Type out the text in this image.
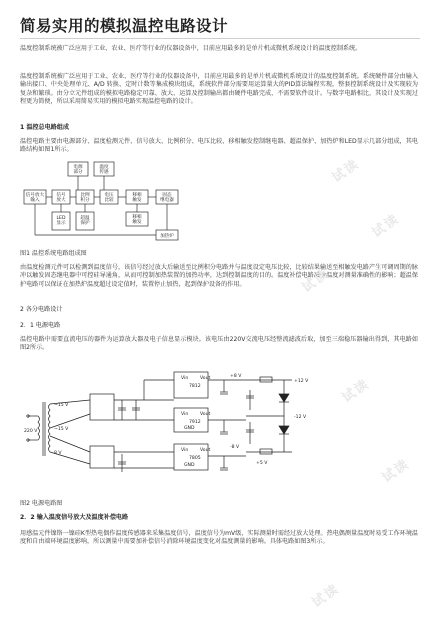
简易实用的模拟温控电路设计

温度控制系统被广泛应用于工业、农业、医疗等行业的仪器设备中，目前应用最多的是单片机或微机系统设计的温度控制系统。

温度控制系统被广泛应用于工业、农业、医疗等行业的仪器设备中，目前应用最多的是单片机或微机系统设计的温度控制系统。系统硬件部分由输入输出接口、中央处理单元、A/D 转换、定时计数等集成模块组成，系统软件部分需要用运算量大的PID算法编程实现，整套控制系统设计及实现较为复杂和繁琐。由分立元件组成的模拟电路稳定可靠、放大、运算及控制输出都由硬件电路完成，不需要软件设计。与数字电路相比，其设计及实现过程更为简便，所以采用简易实用的模拟电路实现温控电路的设计。

1 温控总电路组成

温控电路主要由电源部分、温度检测元件、信号放大、比例积分、电压比较、移相触发控制继电器、超温保护、加热炉和LED显示几部分组成，其电路结构如图1所示。

电源部分
温度传感
信号放大输入
信号放大
比例积分
电压比较
移相触发
固态继电器
LED 显示
超温保护
移相触发
加热炉
图1 温控系统电路组成图

由温度检测元件可以检测到温度信号，该信号经过放大后输送至比例积分电路并与温度设定电压比较，比较结果输送至相触发电路产生可调周期的脉冲以触发固态继电器中可控硅导通角，从而可控制加热装置的加热功率，达到控制温度的目的。温度补偿电路减少温度对测量准确性的影响；超温保护电路可以保证在加热炉温度超过设定值时，装置停止加热，起到保护设备的作用。

2 各分电路设计

2．1 电源电路

温控电路中需要直流电压的器件为运算放大器及电子信息显示模块。该电压由220V交流电压经整流滤波后取，加至三端稳压器输出得到，其电路如图2所示。

220 V
~15 V
~15 V
8 V
Vin
7812
Vout
Vin
7912
Vout
GND
Vin
7805
Vout
GND
+8 V
+12 V
-12 V
-8 V
+5 V
图2 电源电路图

2．2 输入温度信号放大及温度补偿电路

用感温元件镍铬一镍硅K型热电偶作温度传感器来采集温度信号，温度信号为mV级，实际测量时需经过放大处理。热电偶测量温度时易受工作环境温度和自由端环境温度影响，所以测量中需要加补偿信号消除环境温度变化对温度测量的影响。具体电路如图3所示。

试读
试读
试读
试读
试读
试读
